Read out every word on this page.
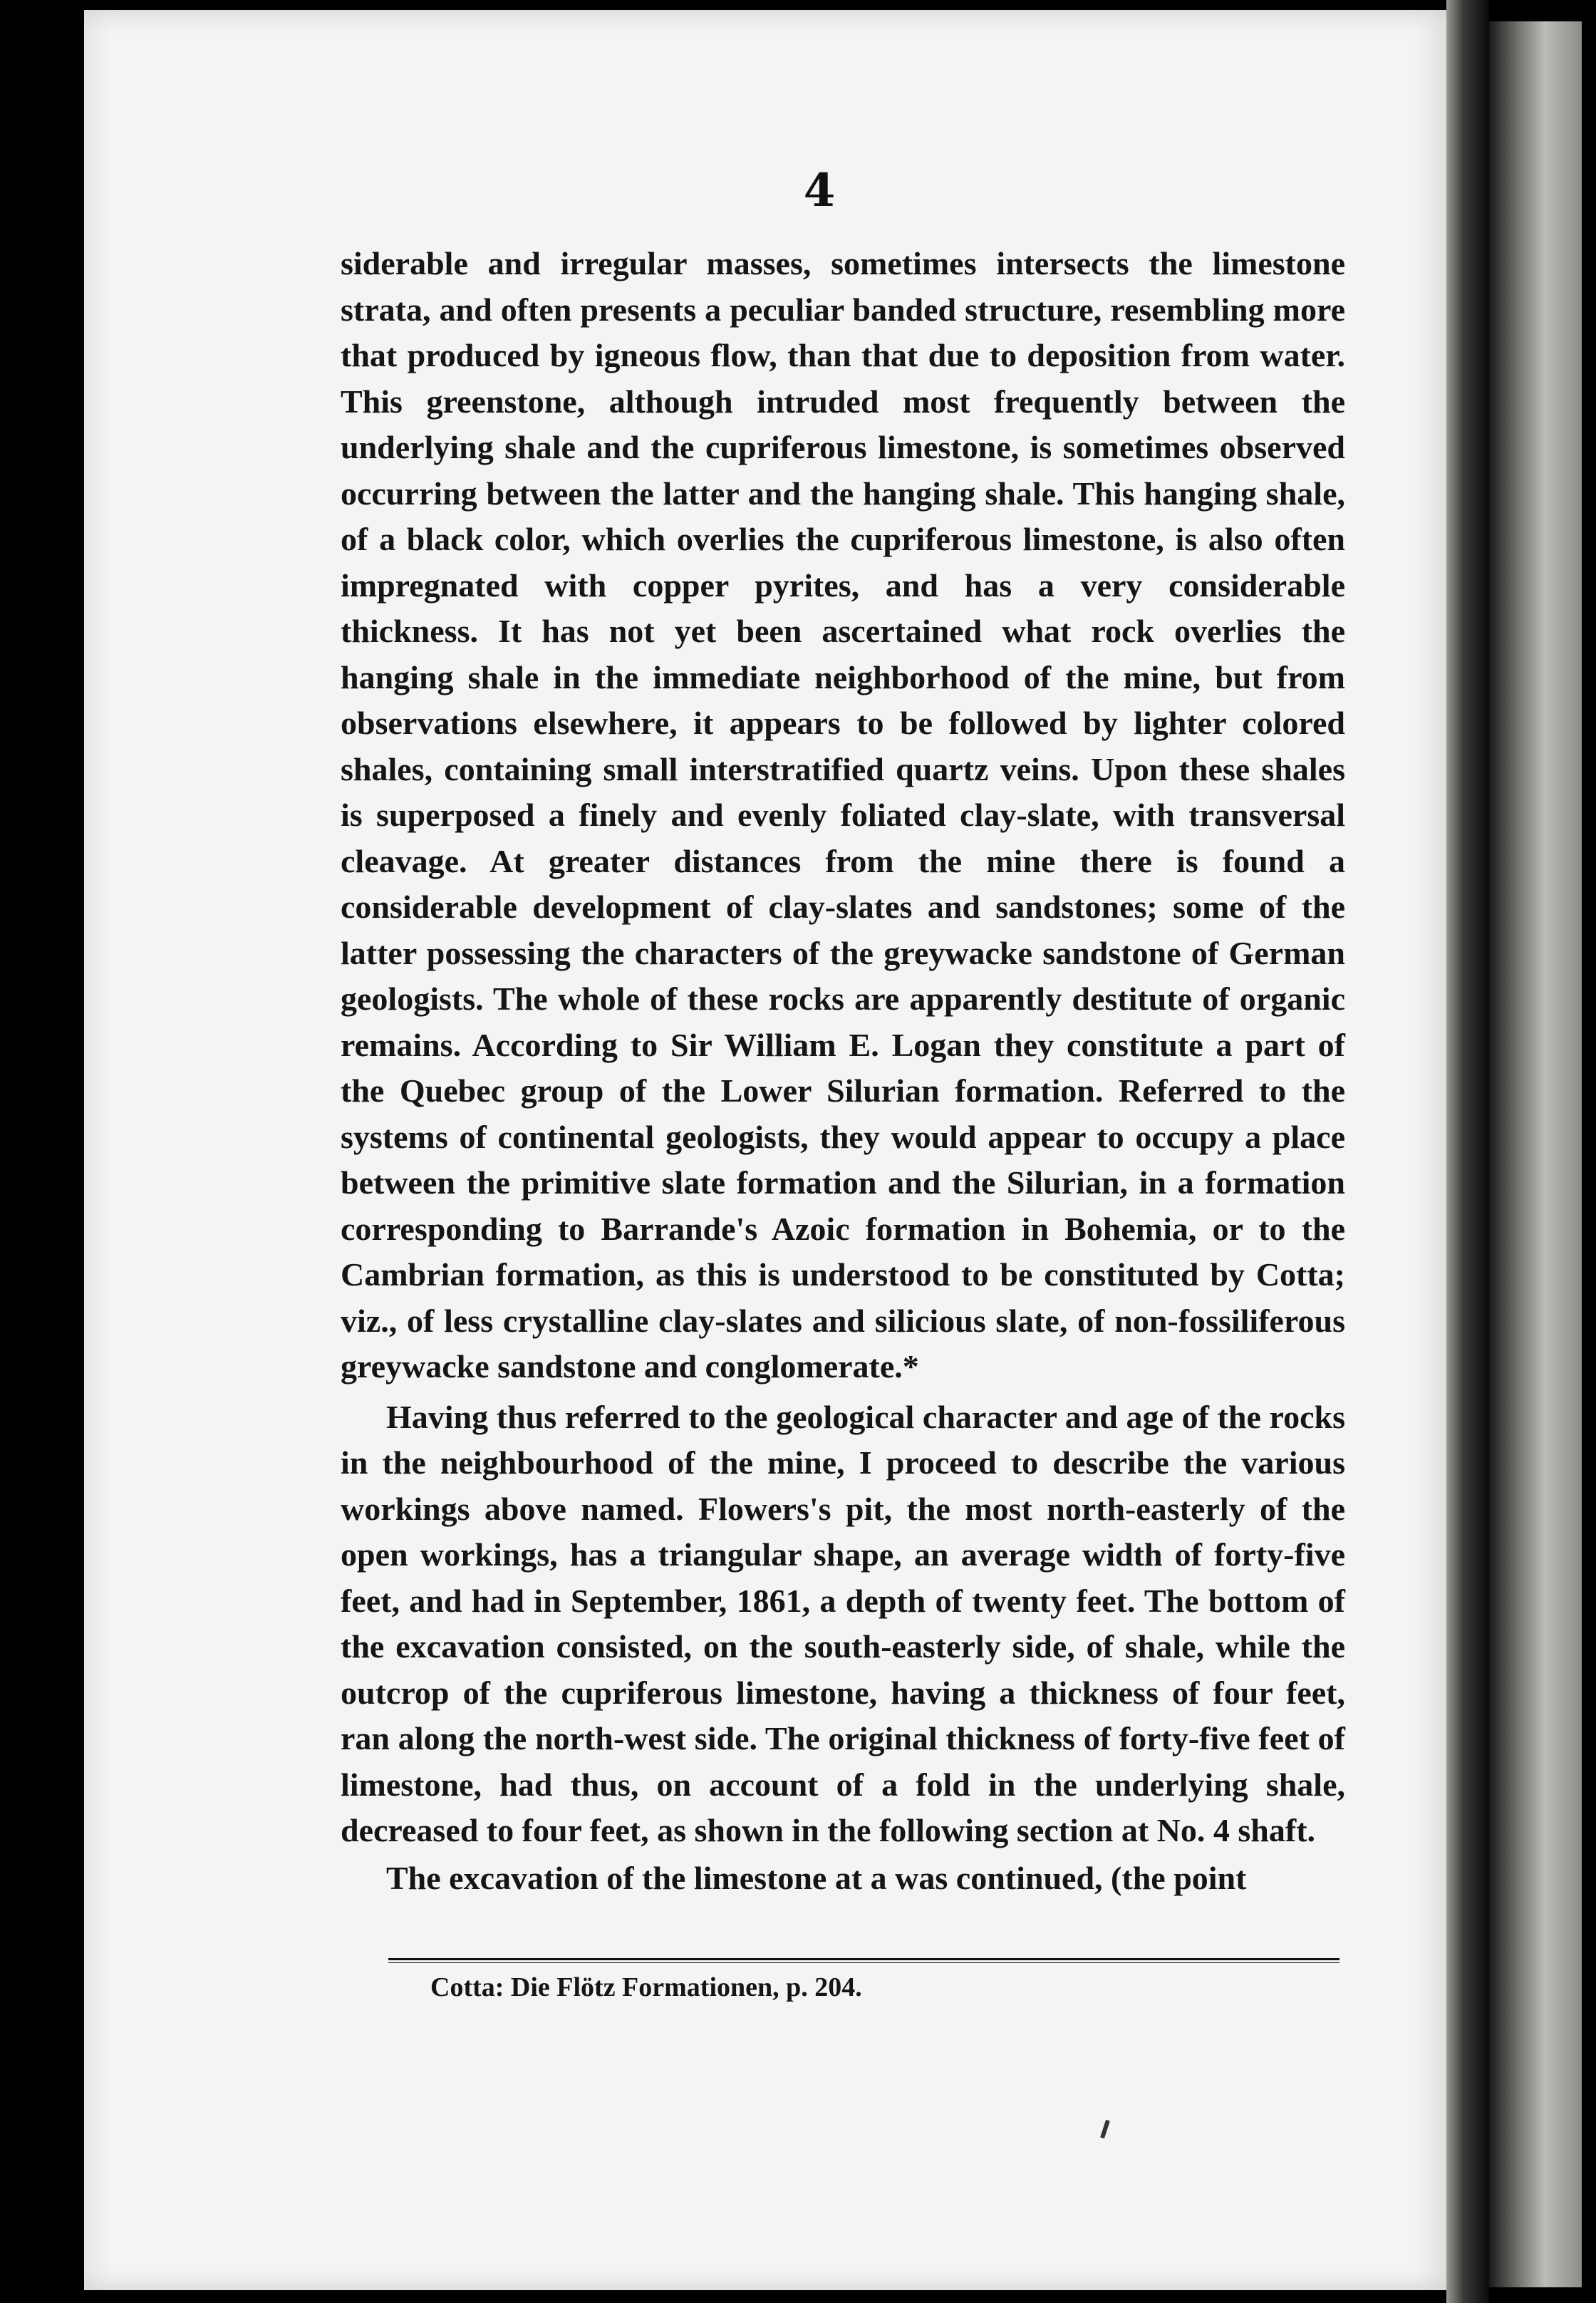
4

siderable and irregular masses, sometimes intersects the limestone strata, and often presents a peculiar banded structure, resembling more that produced by igneous flow, than that due to deposition from water. This greenstone, although intruded most frequently between the underlying shale and the cupriferous limestone, is sometimes observed occurring between the latter and the hanging shale. This hanging shale, of a black color, which overlies the cupriferous limestone, is also often impregnated with copper pyrites, and has a very considerable thickness. It has not yet been ascertained what rock overlies the hanging shale in the immediate neighborhood of the mine, but from observations elsewhere, it appears to be followed by lighter colored shales, containing small interstratified quartz veins. Upon these shales is superposed a finely and evenly foliated clay-slate, with transversal cleavage. At greater distances from the mine there is found a considerable development of clay-slates and sandstones; some of the latter possessing the characters of the greywacke sandstone of German geologists. The whole of these rocks are apparently destitute of organic remains. According to Sir William E. Logan they constitute a part of the Quebec group of the Lower Silurian formation. Referred to the systems of continental geologists, they would appear to occupy a place between the primitive slate formation and the Silurian, in a formation corresponding to Barrande's Azoic formation in Bohemia, or to the Cambrian formation, as this is understood to be constituted by Cotta; viz., of less crystalline clay-slates and silicious slate, of non-fossiliferous greywacke sandstone and conglomerate.*

Having thus referred to the geological character and age of the rocks in the neighbourhood of the mine, I proceed to describe the various workings above named. Flowers's pit, the most north-easterly of the open workings, has a triangular shape, an average width of forty-five feet, and had in September, 1861, a depth of twenty feet. The bottom of the excavation consisted, on the south-easterly side, of shale, while the outcrop of the cupriferous limestone, having a thickness of four feet, ran along the north-west side. The original thickness of forty-five feet of limestone, had thus, on account of a fold in the underlying shale, decreased to four feet, as shown in the following section at No. 4 shaft.

The excavation of the limestone at a was continued, (the point

Cotta: Die Flötz Formationen, p. 204.
